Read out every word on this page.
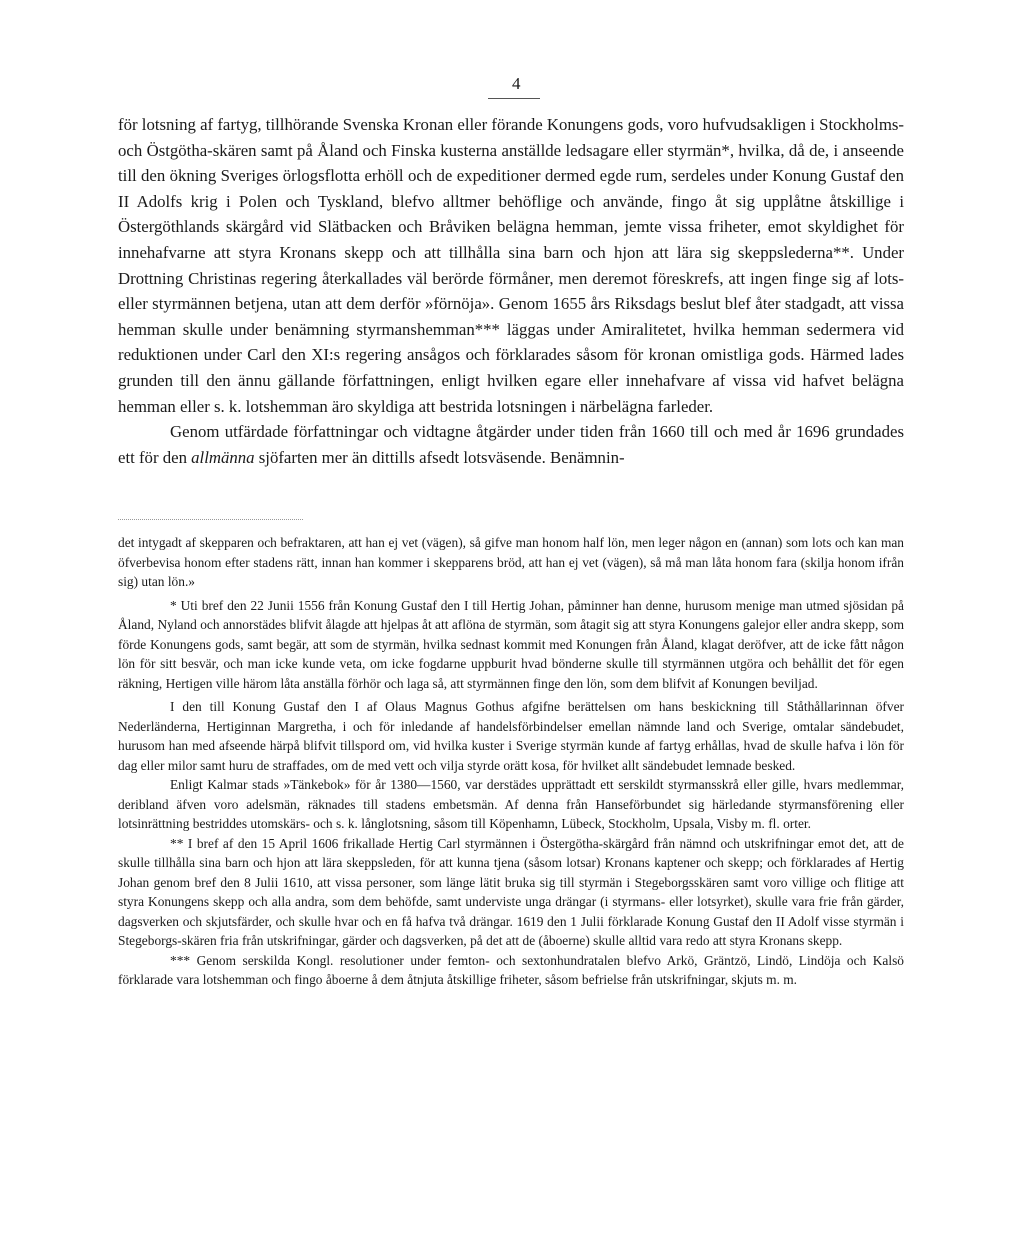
4

för lotsning af fartyg, tillhörande Svenska Kronan eller förande Konungens gods, voro hufvudsakligen i Stockholms- och Östgötha-skären samt på Åland och Finska kusterna anställde ledsagare eller styrmän*, hvilka, då de, i anseende till den ökning Sveriges örlogsflotta erhöll och de expeditioner dermed egde rum, serdeles under Konung Gustaf den II Adolfs krig i Polen och Tyskland, blefvo alltmer behöflige och använde, fingo åt sig upplåtne åtskillige i Östergöthlands skärgård vid Slätbacken och Bråviken belägna hemman, jemte vissa friheter, emot skyldighet för innehafvarne att styra Kronans skepp och att tillhålla sina barn och hjon att lära sig skeppslederna**. Under Drottning Christinas regering återkallades väl berörde förmåner, men deremot föreskrefs, att ingen finge sig af lots- eller styrmännen betjena, utan att dem derför »förnöja». Genom 1655 års Riksdags beslut blef åter stadgadt, att vissa hemman skulle under benämning styrmanshemman*** läggas under Amiralitetet, hvilka hemman sedermera vid reduktionen under Carl den XI:s regering ansågos och förklarades såsom för kronan omistliga gods. Härmed lades grunden till den ännu gällande författningen, enligt hvilken egare eller innehafvare af vissa vid hafvet belägna hemman eller s. k. lotshemman äro skyldiga att bestrida lotsningen i närbelägna farleder.

Genom utfärdade författningar och vidtagne åtgärder under tiden från 1660 till och med år 1696 grundades ett för den allmänna sjöfarten mer än dittills afsedt lotsväsende. Benämnin-

det intygadt af skepparen och befraktaren, att han ej vet (vägen), så gifve man honom half lön, men leger någon en (annan) som lots och kan man öfverbevisa honom efter stadens rätt, innan han kommer i skepparens bröd, att han ej vet (vägen), så må man låta honom fara (skilja honom ifrån sig) utan lön.»

* Uti bref den 22 Junii 1556 från Konung Gustaf den I till Hertig Johan, påminner han denne, hurusom menige man utmed sjösidan på Åland, Nyland och annorstädes blifvit ålagde att hjelpas åt att aflöna de styrmän, som åtagit sig att styra Konungens galejor eller andra skepp, som förde Konungens gods, samt begär, att som de styrmän, hvilka sednast kommit med Konungen från Åland, klagat deröfver, att de icke fått någon lön för sitt besvär, och man icke kunde veta, om icke fogdarne uppburit hvad bönderne skulle till styrmännen utgöra och behållit det för egen räkning, Hertigen ville härom låta anställa förhör och laga så, att styrmännen finge den lön, som dem blifvit af Konungen beviljad.

I den till Konung Gustaf den I af Olaus Magnus Gothus afgifne berättelsen om hans beskickning till Ståthållarinnan öfver Nederländerna, Hertiginnan Margretha, i och för inledande af handelsförbindelser emellan nämnde land och Sverige, omtalar sändebudet, hurusom han med afseende härpå blifvit tillspord om, vid hvilka kuster i Sverige styrmän kunde af fartyg erhållas, hvad de skulle hafva i lön för dag eller milor samt huru de straffades, om de med vett och vilja styrde orätt kosa, för hvilket allt sändebudet lemnade besked.

Enligt Kalmar stads »Tänkebok» för år 1380—1560, var derstädes upprättadt ett serskildt styrmansskrå eller gille, hvars medlemmar, deribland äfven voro adelsmän, räknades till stadens embetsmän. Af denna från Hanseförbundet sig härledande styrmansförening eller lotsinrättning bestriddes utomskärs- och s. k. långlotsning, såsom till Köpenhamn, Lübeck, Stockholm, Upsala, Visby m. fl. orter.

** I bref af den 15 April 1606 frikallade Hertig Carl styrmännen i Östergötha-skärgård från nämnd och utskrifningar emot det, att de skulle tillhålla sina barn och hjon att lära skeppsleden, för att kunna tjena (såsom lotsar) Kronans kaptener och skepp; och förklarades af Hertig Johan genom bref den 8 Julii 1610, att vissa personer, som länge lätit bruka sig till styrmän i Stegeborgsskären samt voro villige och flitige att styra Konungens skepp och alla andra, som dem behöfde, samt underviste unga drängar (i styrmans- eller lotsyrket), skulle vara frie från gärder, dagsverken och skjutsfärder, och skulle hvar och en få hafva två drängar. 1619 den 1 Julii förklarade Konung Gustaf den II Adolf visse styrmän i Stegeborgs-skären fria från utskrifningar, gärder och dagsverken, på det att de (åboerne) skulle alltid vara redo att styra Kronans skepp.

*** Genom serskilda Kongl. resolutioner under femton- och sextonhundratalen blefvo Arkö, Gräntzö, Lindö, Lindöja och Kalsö förklarade vara lotshemman och fingo åboerne å dem åtnjuta åtskillige friheter, såsom befrielse från utskrifningar, skjuts m. m.
